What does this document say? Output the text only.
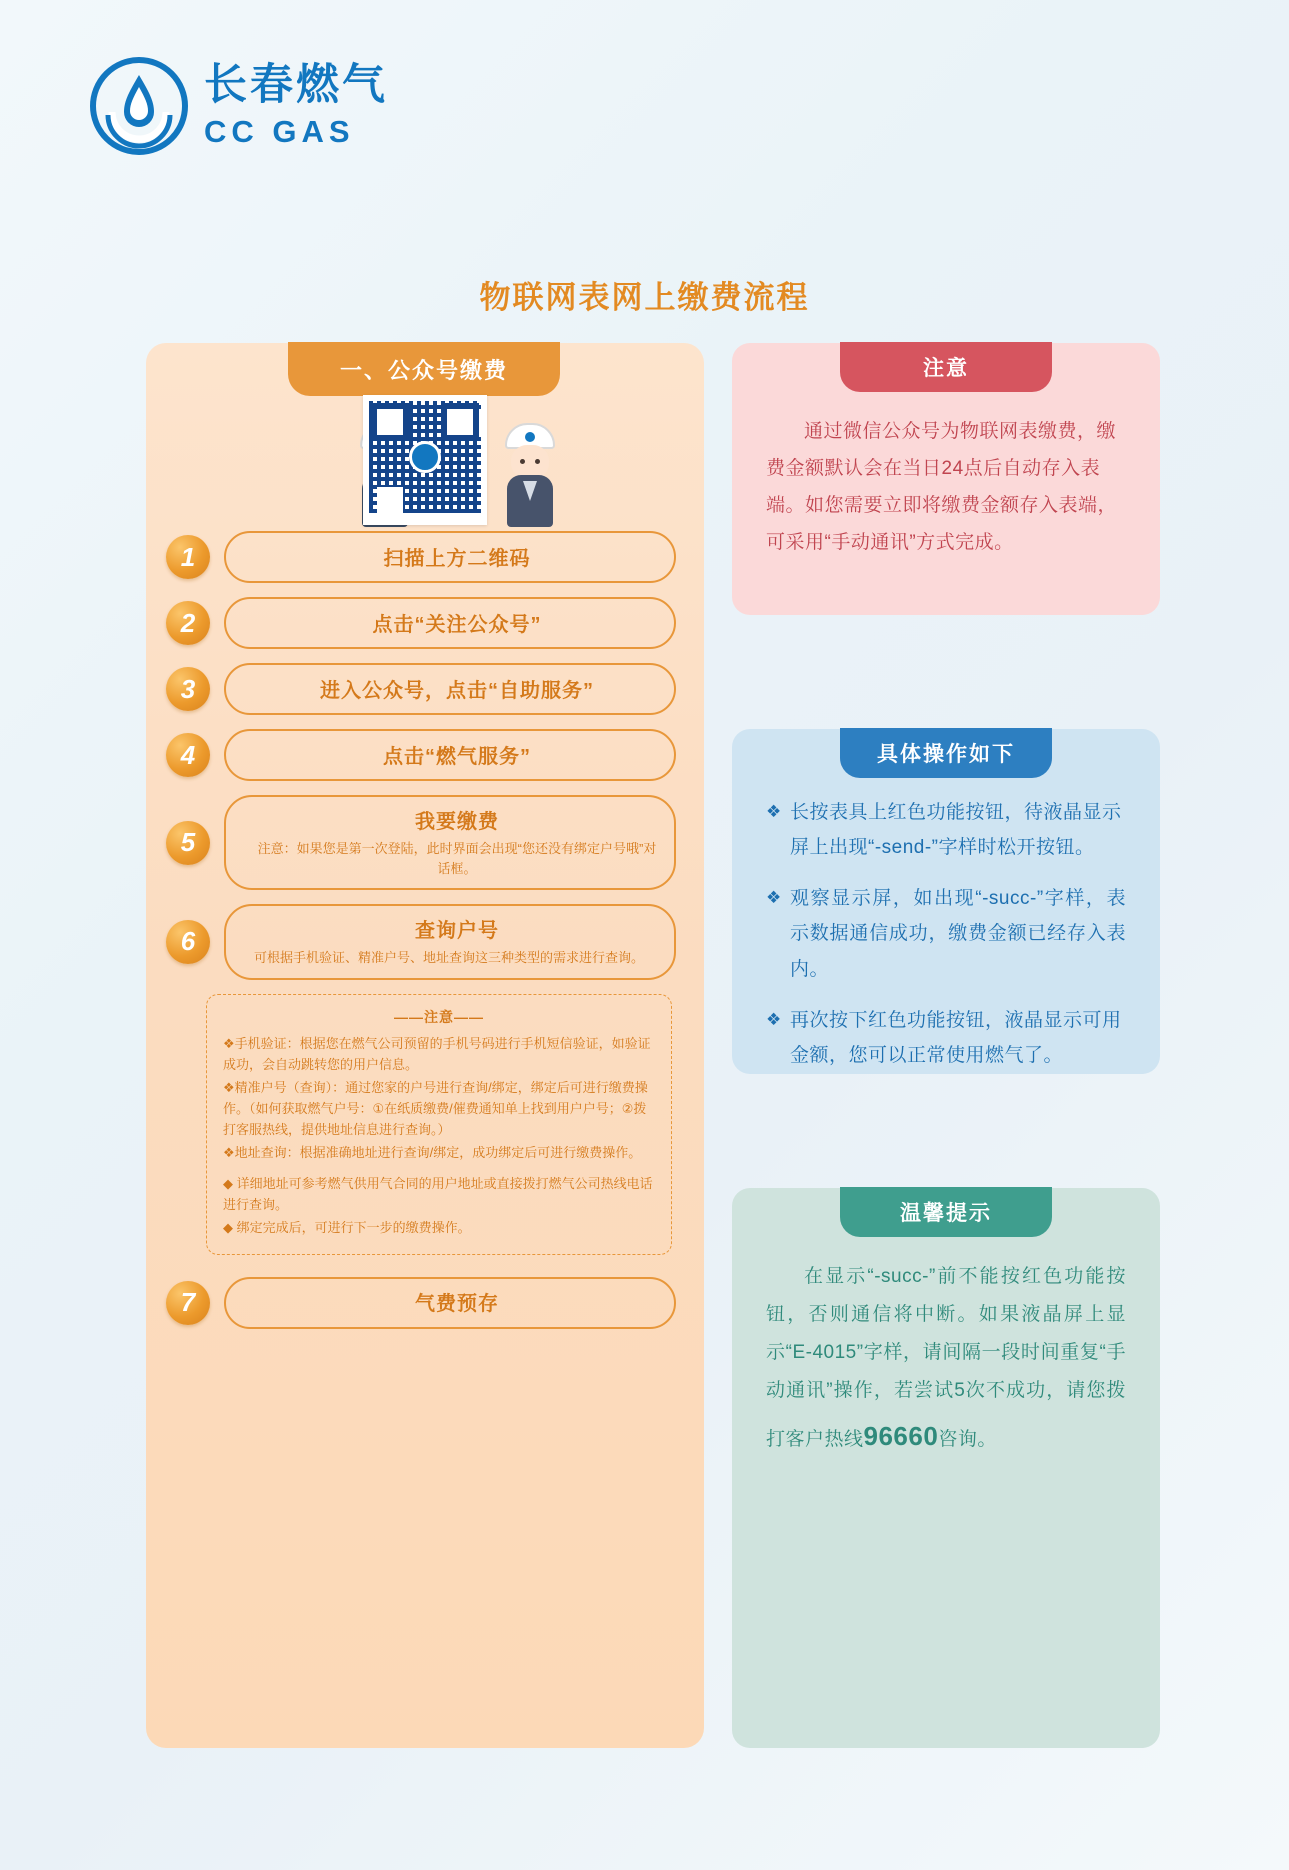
长春燃气
CC GAS
物联网表网上缴费流程
一、公众号缴费
1	扫描上方二维码
2	点击“关注公众号”
3	进入公众号，点击“自助服务”
4	点击“燃气服务”
5
我要缴费
注意：如果您是第一次登陆，此时界面会出现“您还没有绑定户号哦”对话框。
6	查询户号
可根据手机验证、精准户号、地址查询这三种类型的需求进行查询。
——注意——

❖手机验证：根据您在燃气公司预留的手机号码进行手机短信验证，如验证成功，会自动跳转您的用户信息。

❖精准户号（查询）：通过您家的户号进行查询/绑定，绑定后可进行缴费操作。（如何获取燃气户号：①在纸质缴费/催费通知单上找到用户户号；②拨打客服热线，提供地址信息进行查询。）

❖地址查询：根据准确地址进行查询/绑定，成功绑定后可进行缴费操作。

◆ 详细地址可参考燃气供用气合同的用户地址或直接拨打燃气公司热线电话进行查询。

◆ 绑定完成后，可进行下一步的缴费操作。

7	气费预存
注意

通过微信公众号为物联网表缴费，缴费金额默认会在当日24点后自动存入表端。如您需要立即将缴费金额存入表端，可采用“手动通讯”方式完成。

具体操作如下
❖ 长按表具上红色功能按钮，待液晶显示屏上出现“-send-”字样时松开按钮。
❖ 观察显示屏，如出现“-succ-”字样，表示数据通信成功，缴费金额已经存入表内。
❖ 再次按下红色功能按钮，液晶显示可用金额，您可以正常使用燃气了。
温馨提示

在显示“-succ-”前不能按红色功能按钮，否则通信将中断。如果液晶屏上显示“E-4015”字样，请间隔一段时间重复“手动通讯”操作，若尝试5次不成功，请您拨打客户热线96660咨询。
